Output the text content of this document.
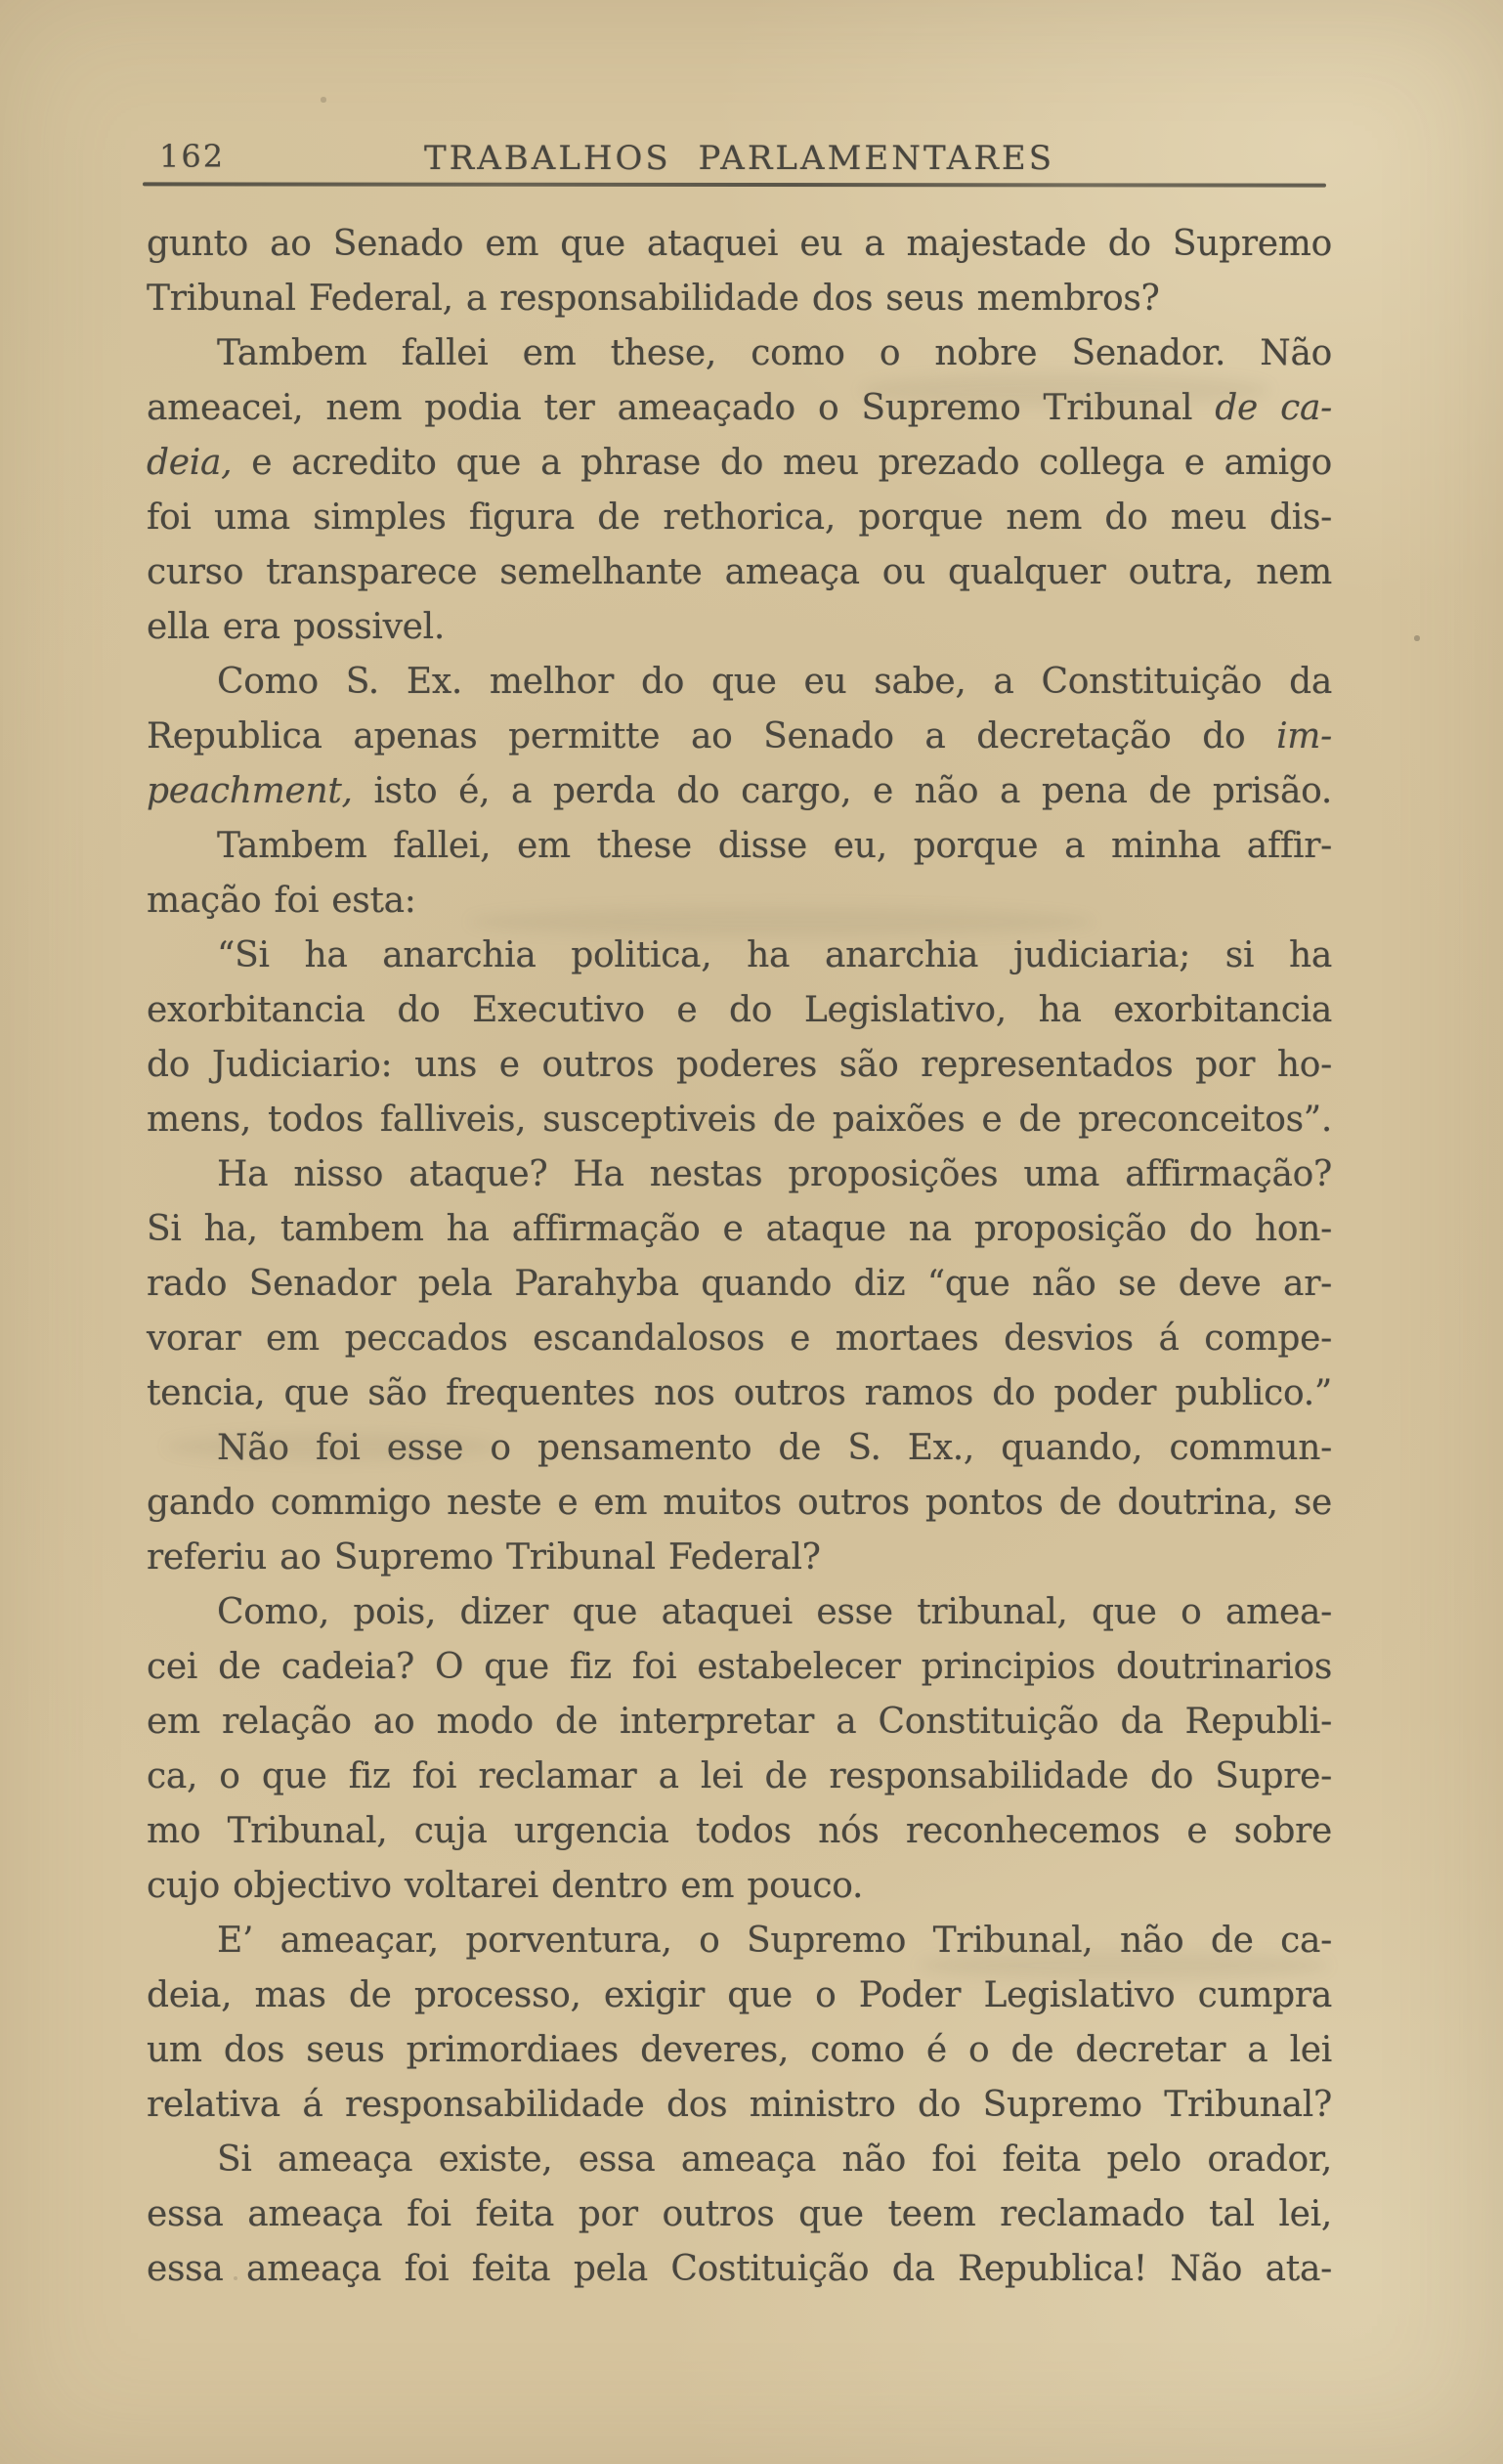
162	TRABALHOS PARLAMENTARES
gunto ao Senado em que ataquei eu a majestade do Supremo
Tribunal Federal, a responsabilidade dos seus membros?
Tambem fallei em these, como o nobre Senador. Não
ameacei, nem podia ter ameaçado o Supremo Tribunal de ca-
deia, e acredito que a phrase do meu prezado collega e amigo
foi uma simples figura de rethorica, porque nem do meu dis-
curso transparece semelhante ameaça ou qualquer outra, nem
ella era possivel.
Como S. Ex. melhor do que eu sabe, a Constituição da
Republica apenas permitte ao Senado a decretação do im-
peachment, isto é, a perda do cargo, e não a pena de prisão.
Tambem fallei, em these disse eu, porque a minha affir-
mação foi esta:
“Si ha anarchia politica, ha anarchia judiciaria; si ha
exorbitancia do Executivo e do Legislativo, ha exorbitancia
do Judiciario: uns e outros poderes são representados por ho-
mens, todos falliveis, susceptiveis de paixões e de preconceitos”.
Ha nisso ataque? Ha nestas proposições uma affirmação?
Si ha, tambem ha affirmação e ataque na proposição do hon-
rado Senador pela Parahyba quando diz “que não se deve ar-
vorar em peccados escandalosos e mortaes desvios á compe-
tencia, que são frequentes nos outros ramos do poder publico.”
Não foi esse o pensamento de S. Ex., quando, commun-
gando commigo neste e em muitos outros pontos de doutrina, se
referiu ao Supremo Tribunal Federal?
Como, pois, dizer que ataquei esse tribunal, que o amea-
cei de cadeia? O que fiz foi estabelecer principios doutrinarios
em relação ao modo de interpretar a Constituição da Republi-
ca, o que fiz foi reclamar a lei de responsabilidade do Supre-
mo Tribunal, cuja urgencia todos nós reconhecemos e sobre
cujo objectivo voltarei dentro em pouco.
E’ ameaçar, porventura, o Supremo Tribunal, não de ca-
deia, mas de processo, exigir que o Poder Legislativo cumpra
um dos seus primordiaes deveres, como é o de decretar a lei
relativa á responsabilidade dos ministro do Supremo Tribunal?
Si ameaça existe, essa ameaça não foi feita pelo orador,
essa ameaça foi feita por outros que teem reclamado tal lei,
essa ameaça foi feita pela Costituição da Republica! Não ata-
